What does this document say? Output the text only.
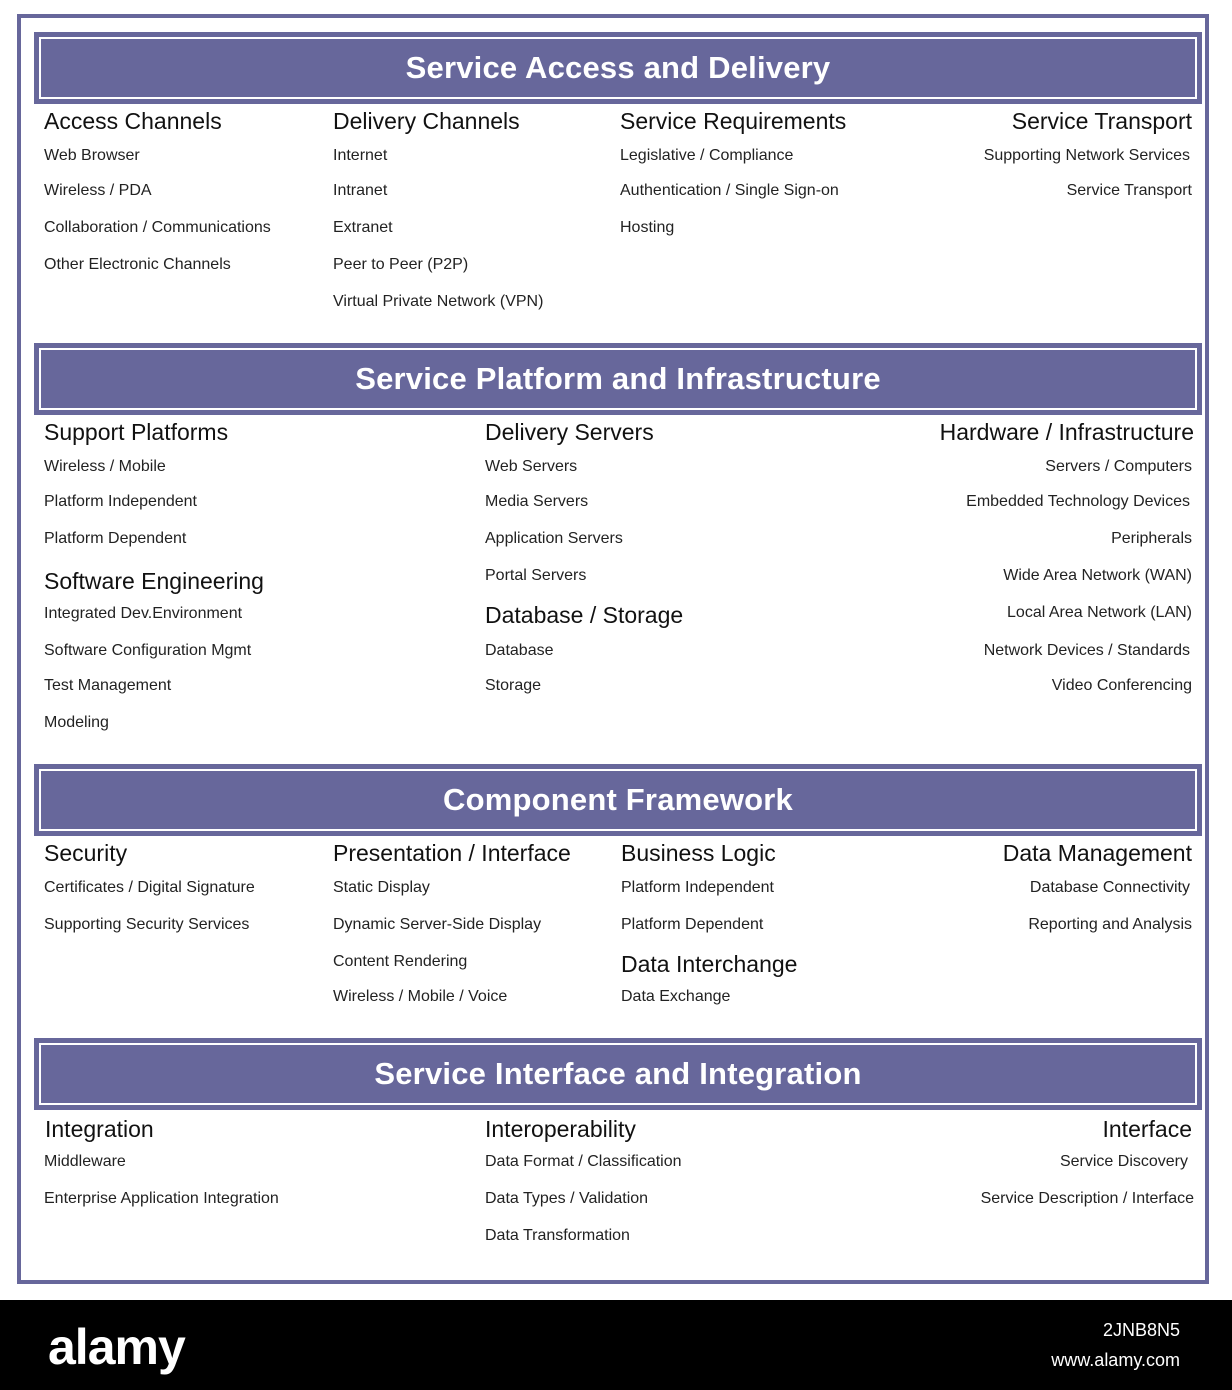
Service Access and Delivery
Access Channels
Web Browser
Wireless / PDA
Collaboration / Communications
Other Electronic Channels
Delivery Channels
Internet
Intranet
Extranet
Peer to Peer (P2P)
Virtual Private Network (VPN)
Service Requirements
Legislative / Compliance
Authentication / Single Sign-on
Hosting
Service Transport
Supporting Network Services
Service Transport
Service Platform and Infrastructure
Support Platforms
Wireless / Mobile
Platform Independent
Platform Dependent
Software Engineering
Integrated Dev.Environment
Software Configuration Mgmt
Test Management
Modeling
Delivery Servers
Web Servers
Media Servers
Application Servers
Portal Servers
Database / Storage
Database
Storage
Hardware / Infrastructure
Servers / Computers
Embedded Technology Devices
Peripherals
Wide Area Network (WAN)
Local Area Network (LAN)
Network Devices / Standards
Video Conferencing
Component Framework
Security
Certificates / Digital Signature
Supporting Security Services
Presentation / Interface
Static Display
Dynamic Server-Side Display
Content Rendering
Wireless / Mobile / Voice
Business Logic
Platform Independent
Platform Dependent
Data Interchange
Data Exchange
Data Management
Database Connectivity
Reporting and Analysis
Service Interface and Integration
Integration
Middleware
Enterprise Application Integration
Interoperability
Data Format / Classification
Data Types / Validation
Data Transformation
Interface
Service Discovery
Service Description / Interface
alamy	2JNB8N5
www.alamy.com
